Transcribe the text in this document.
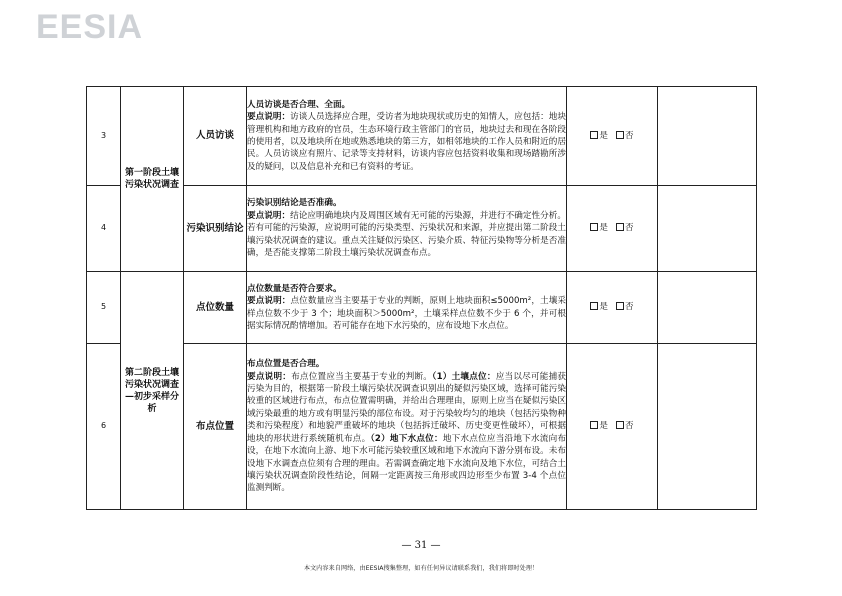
EESIA
3	第一阶段土壤污染状况调查	人员访谈	人员访谈是否合理、全面。
要点说明：访谈人员选择应合理，受访者为地块现状或历史的知情人，应包括：地块管理机构和地方政府的官员，生态环境行政主管部门的官员，地块过去和现在各阶段的使用者，以及地块所在地或熟悉地块的第三方，如相邻地块的工作人员和附近的居民。人员访谈应有照片、记录等支持材料，访谈内容应包括资料收集和现场踏勘所涉及的疑问，以及信息补充和已有资料的考证。	是 否	
4		污染识别结论	污染识别结论是否准确。
要点说明：结论应明确地块内及周围区域有无可能的污染源，并进行不确定性分析。若有可能的污染源，应说明可能的污染类型、污染状况和来源，并应提出第二阶段土壤污染状况调查的建议。重点关注疑似污染区、污染介质、特征污染物等分析是否准确，是否能支撑第二阶段土壤污染状况调查布点。	是 否	
5	第二阶段土壤污染状况调查—初步采样分析	点位数量	点位数量是否符合要求。
要点说明：点位数量应当主要基于专业的判断，原则上地块面积≤5000m²，土壤采样点位数不少于 3 个；地块面积＞5000m²，土壤采样点位数不少于 6 个，并可根据实际情况酌情增加。若可能存在地下水污染的，应布设地下水点位。	是 否	
6		布点位置	布点位置是否合理。
要点说明：布点位置应当主要基于专业的判断。（1）土壤点位：应当以尽可能捕获污染为目的，根据第一阶段土壤污染状况调查识别出的疑似污染区域，选择可能污染较重的区域进行布点，布点位置需明确，并给出合理理由，原则上应当在疑似污染区域污染最重的地方或有明显污染的部位布设。对于污染较均匀的地块（包括污染物种类和污染程度）和地貌严重破坏的地块（包括拆迁破坏、历史变更性破坏），可根据地块的形状进行系统随机布点。（2）地下水点位：地下水点位应当沿地下水流向布设，在地下水流向上游、地下水可能污染较重区域和地下水流向下游分别布设。未布设地下水调查点位须有合理的理由。若需调查确定地下水流向及地下水位，可结合土壤污染状况调查阶段性结论，间隔一定距离按三角形或四边形至少布置 3-4 个点位监测判断。	是 否	
— 31 —
本文内容来自网络，由EESIA搜集整理，如有任何异议请联系我们，我们将即时处理！
